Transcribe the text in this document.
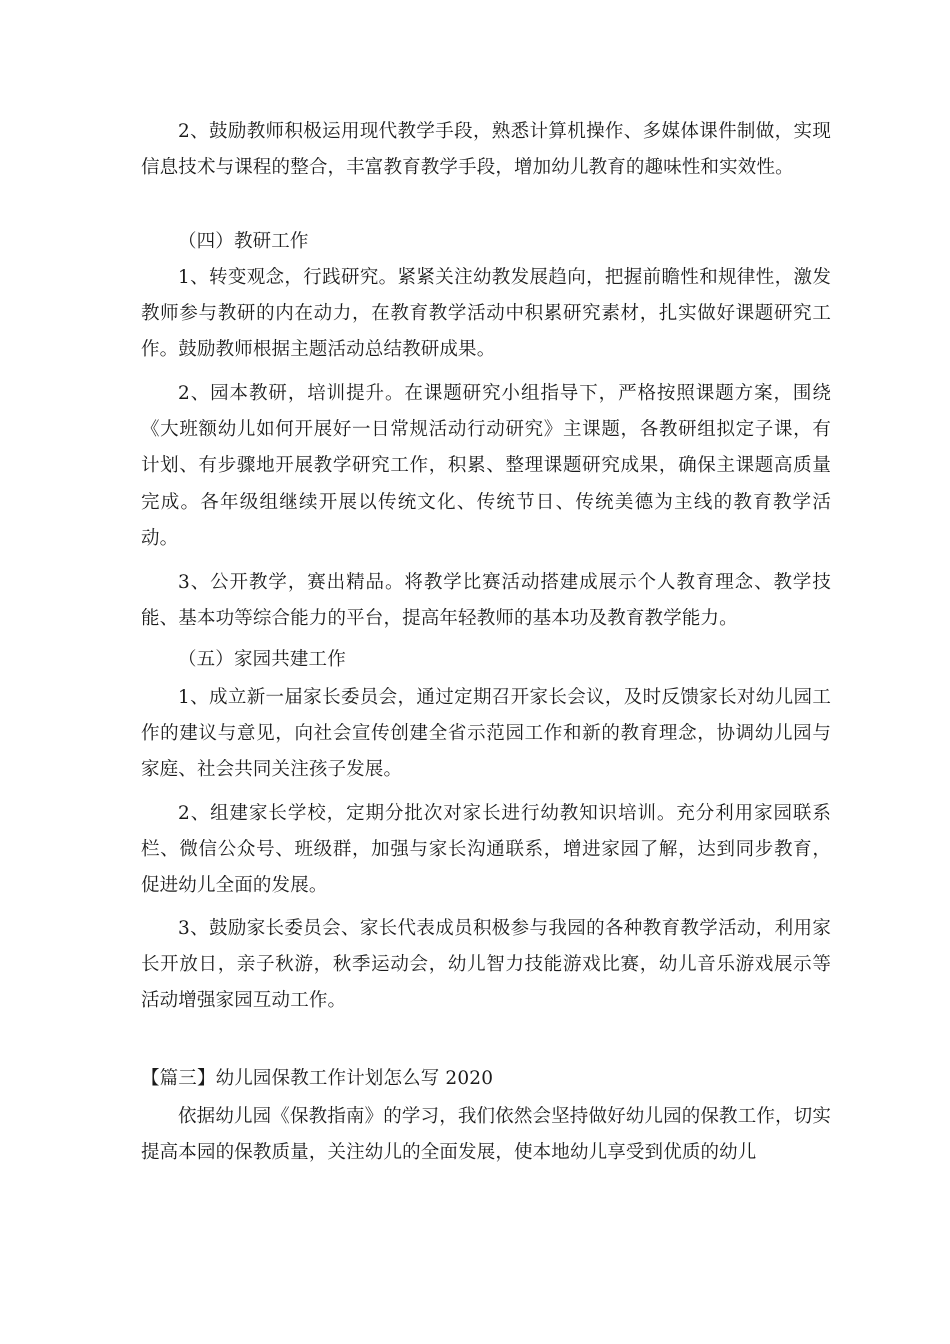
2、鼓励教师积极运用现代教学手段，熟悉计算机操作、多媒体课件制做，实现信息技术与课程的整合，丰富教育教学手段，增加幼儿教育的趣味性和实效性。

（四）教研工作

1、转变观念，行践研究。紧紧关注幼教发展趋向，把握前瞻性和规律性，激发教师参与教研的内在动力，在教育教学活动中积累研究素材，扎实做好课题研究工作。鼓励教师根据主题活动总结教研成果。

2、园本教研，培训提升。在课题研究小组指导下，严格按照课题方案，围绕《大班额幼儿如何开展好一日常规活动行动研究》主课题，各教研组拟定子课，有计划、有步骤地开展教学研究工作，积累、整理课题研究成果，确保主课题高质量完成。各年级组继续开展以传统文化、传统节日、传统美德为主线的教育教学活动。

3、公开教学，赛出精品。将教学比赛活动搭建成展示个人教育理念、教学技能、基本功等综合能力的平台，提高年轻教师的基本功及教育教学能力。

（五）家园共建工作

1、成立新一届家长委员会，通过定期召开家长会议，及时反馈家长对幼儿园工作的建议与意见，向社会宣传创建全省示范园工作和新的教育理念，协调幼儿园与家庭、社会共同关注孩子发展。

2、组建家长学校，定期分批次对家长进行幼教知识培训。充分利用家园联系栏、微信公众号、班级群，加强与家长沟通联系，增进家园了解，达到同步教育，促进幼儿全面的发展。

3、鼓励家长委员会、家长代表成员积极参与我园的各种教育教学活动，利用家长开放日，亲子秋游，秋季运动会，幼儿智力技能游戏比赛，幼儿音乐游戏展示等活动增强家园互动工作。

【篇三】幼儿园保教工作计划怎么写 2020

依据幼儿园《保教指南》的学习，我们依然会坚持做好幼儿园的保教工作，切实提高本园的保教质量，关注幼儿的全面发展，使本地幼儿享受到优质的幼儿
